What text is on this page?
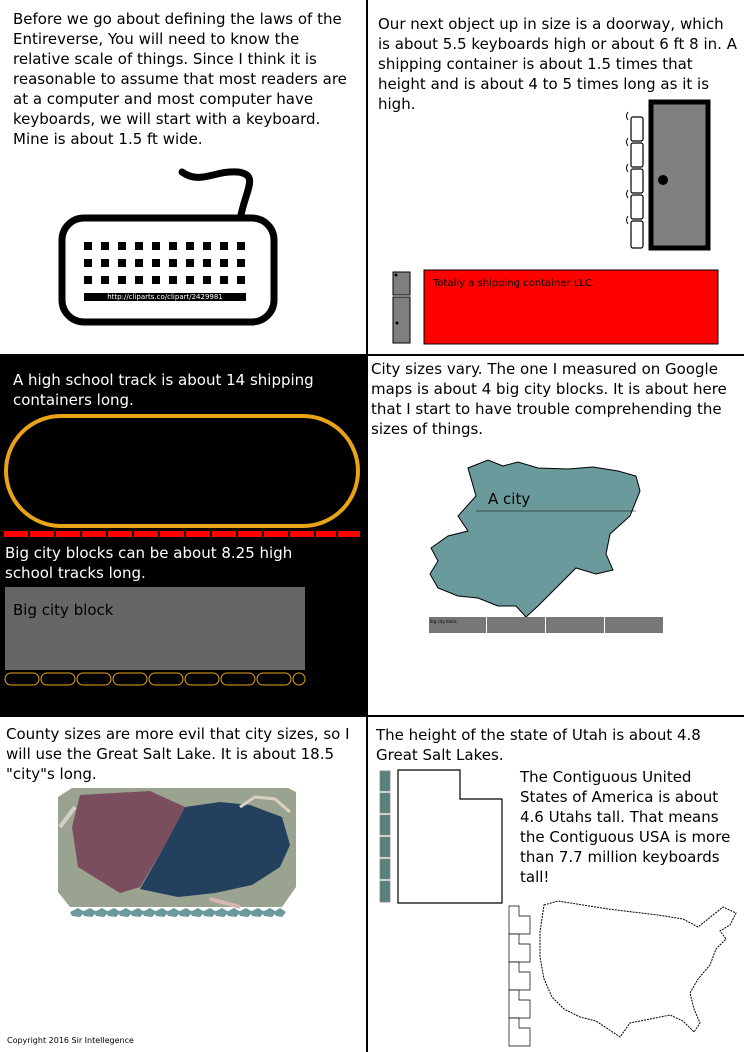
Before we go about defining the laws of the Entireverse, You will need to know the relative scale of things. Since I think it is reasonable to assume that most readers are at a computer and most computer have keyboards, we will start with a keyboard. Mine is about 1.5 ft wide.

http://cliparts.co/clipart/2429981

Our next object up in size is a doorway, which is about 5.5 keyboards high or about 6 ft 8 in. A shipping container is about 1.5 times that height and is about 4 to 5 times long as it is high.

Totally a shipping container LLC.

A high school track is about 14 shipping containers long.

Big city blocks can be about 8.25 high school tracks long.

Big city block

City sizes vary. The one I measured on Google maps is about 4 big city blocks. It is about here that I start to have trouble comprehending the sizes of things.

A city
Big city block

County sizes are more evil that city sizes, so I will use the Great Salt Lake. It is about 18.5 "city"s long.

Copyright 2016 Sir Intellegence

The height of the state of Utah is about 4.8 Great Salt Lakes.

The Contiguous United States of America is about 4.6 Utahs tall. That means the Contiguous USA is more than 7.7 million keyboards tall!
